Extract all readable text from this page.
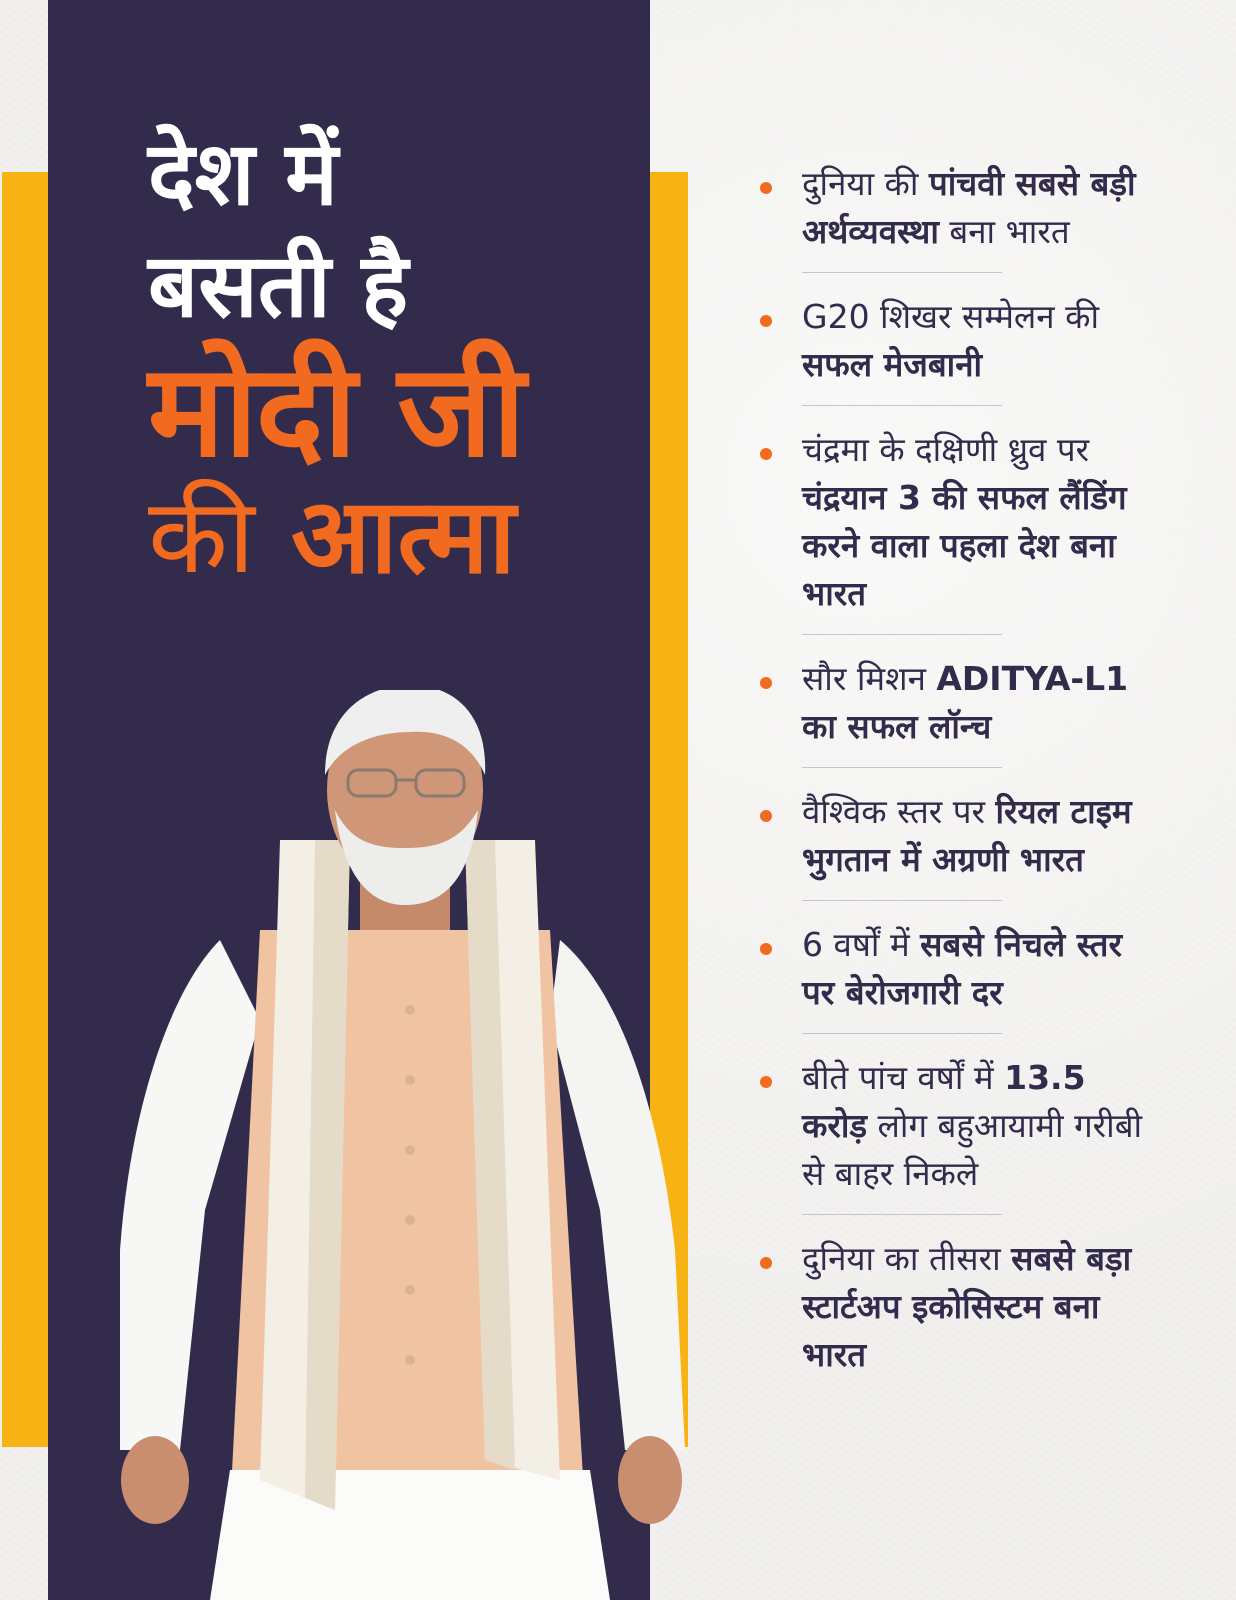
देश में
बसती है
मोदी जी
की आत्मा
दुनिया की पांचवी सबसे बड़ी अर्थव्यवस्था बना भारत
G20 शिखर सम्मेलन की सफल मेजबानी
चंद्रमा के दक्षिणी ध्रुव पर चंद्रयान 3 की सफल लैंडिंग करने वाला पहला देश बना भारत
सौर मिशन ADITYA-L1 का सफल लॉन्च
वैश्विक स्तर पर रियल टाइम भुगतान में अग्रणी भारत
6 वर्षों में सबसे निचले स्तर पर बेरोजगारी दर
बीते पांच वर्षों में 13.5 करोड़ लोग बहुआयामी गरीबी से बाहर निकले
दुनिया का तीसरा सबसे बड़ा स्टार्टअप इकोसिस्टम बना भारत
